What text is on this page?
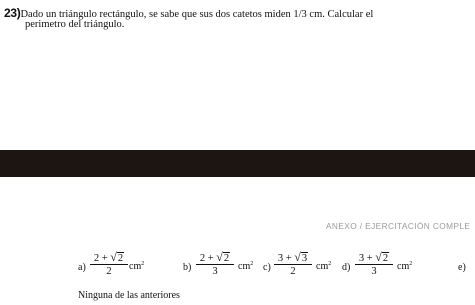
23)Dado un triángulo rectángulo, se sabe que sus dos catetos miden 1/3 cm. Calcular el
perimetro del triángulo.
ANEXO / EJERCITACIÓN COMPLE
$a) \frac{2 + √2}{2} cm^2$	$b) \frac{2 + √2}{3} cm^2$ $c) \frac{3 + √3}{2} cm^2$ $d) \frac{3 + √2}{3} cm^2$	e)
Ninguna de las anteriores
